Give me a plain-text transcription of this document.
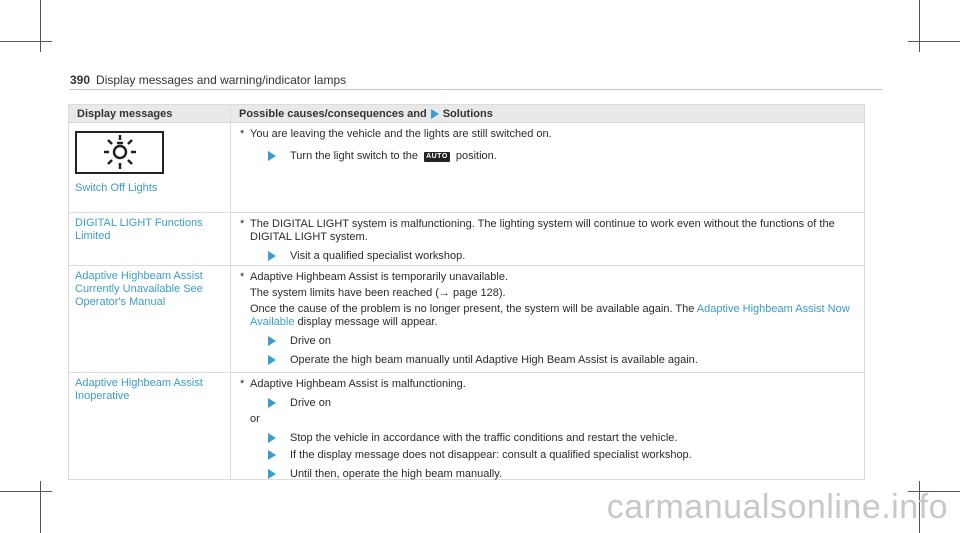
390 Display messages and warning/indicator lamps
Display messages	Possible causes/consequences and Solutions
Switch Off Lights
* You are leaving the vehicle and the lights are still switched on.
Turn the light switch to the AUTO position.
DIGITAL LIGHT Functions Limited
* The DIGITAL LIGHT system is malfunctioning. The lighting system will continue to work even without the functions of the DIGITAL LIGHT system.
Visit a qualified specialist workshop.
Adaptive Highbeam Assist Currently Unavailable See Operator's Manual
* Adaptive Highbeam Assist is temporarily unavailable.
The system limits have been reached (→ page 128).
Once the cause of the problem is no longer present, the system will be available again. The Adaptive Highbeam Assist Now Available display message will appear.
Drive on
Operate the high beam manually until Adaptive High Beam Assist is available again.
Adaptive Highbeam Assist Inoperative
* Adaptive Highbeam Assist is malfunctioning.
Drive on
or
Stop the vehicle in accordance with the traffic conditions and restart the vehicle.
If the display message does not disappear: consult a qualified specialist workshop.
Until then, operate the high beam manually.
carmanualsonline.info
